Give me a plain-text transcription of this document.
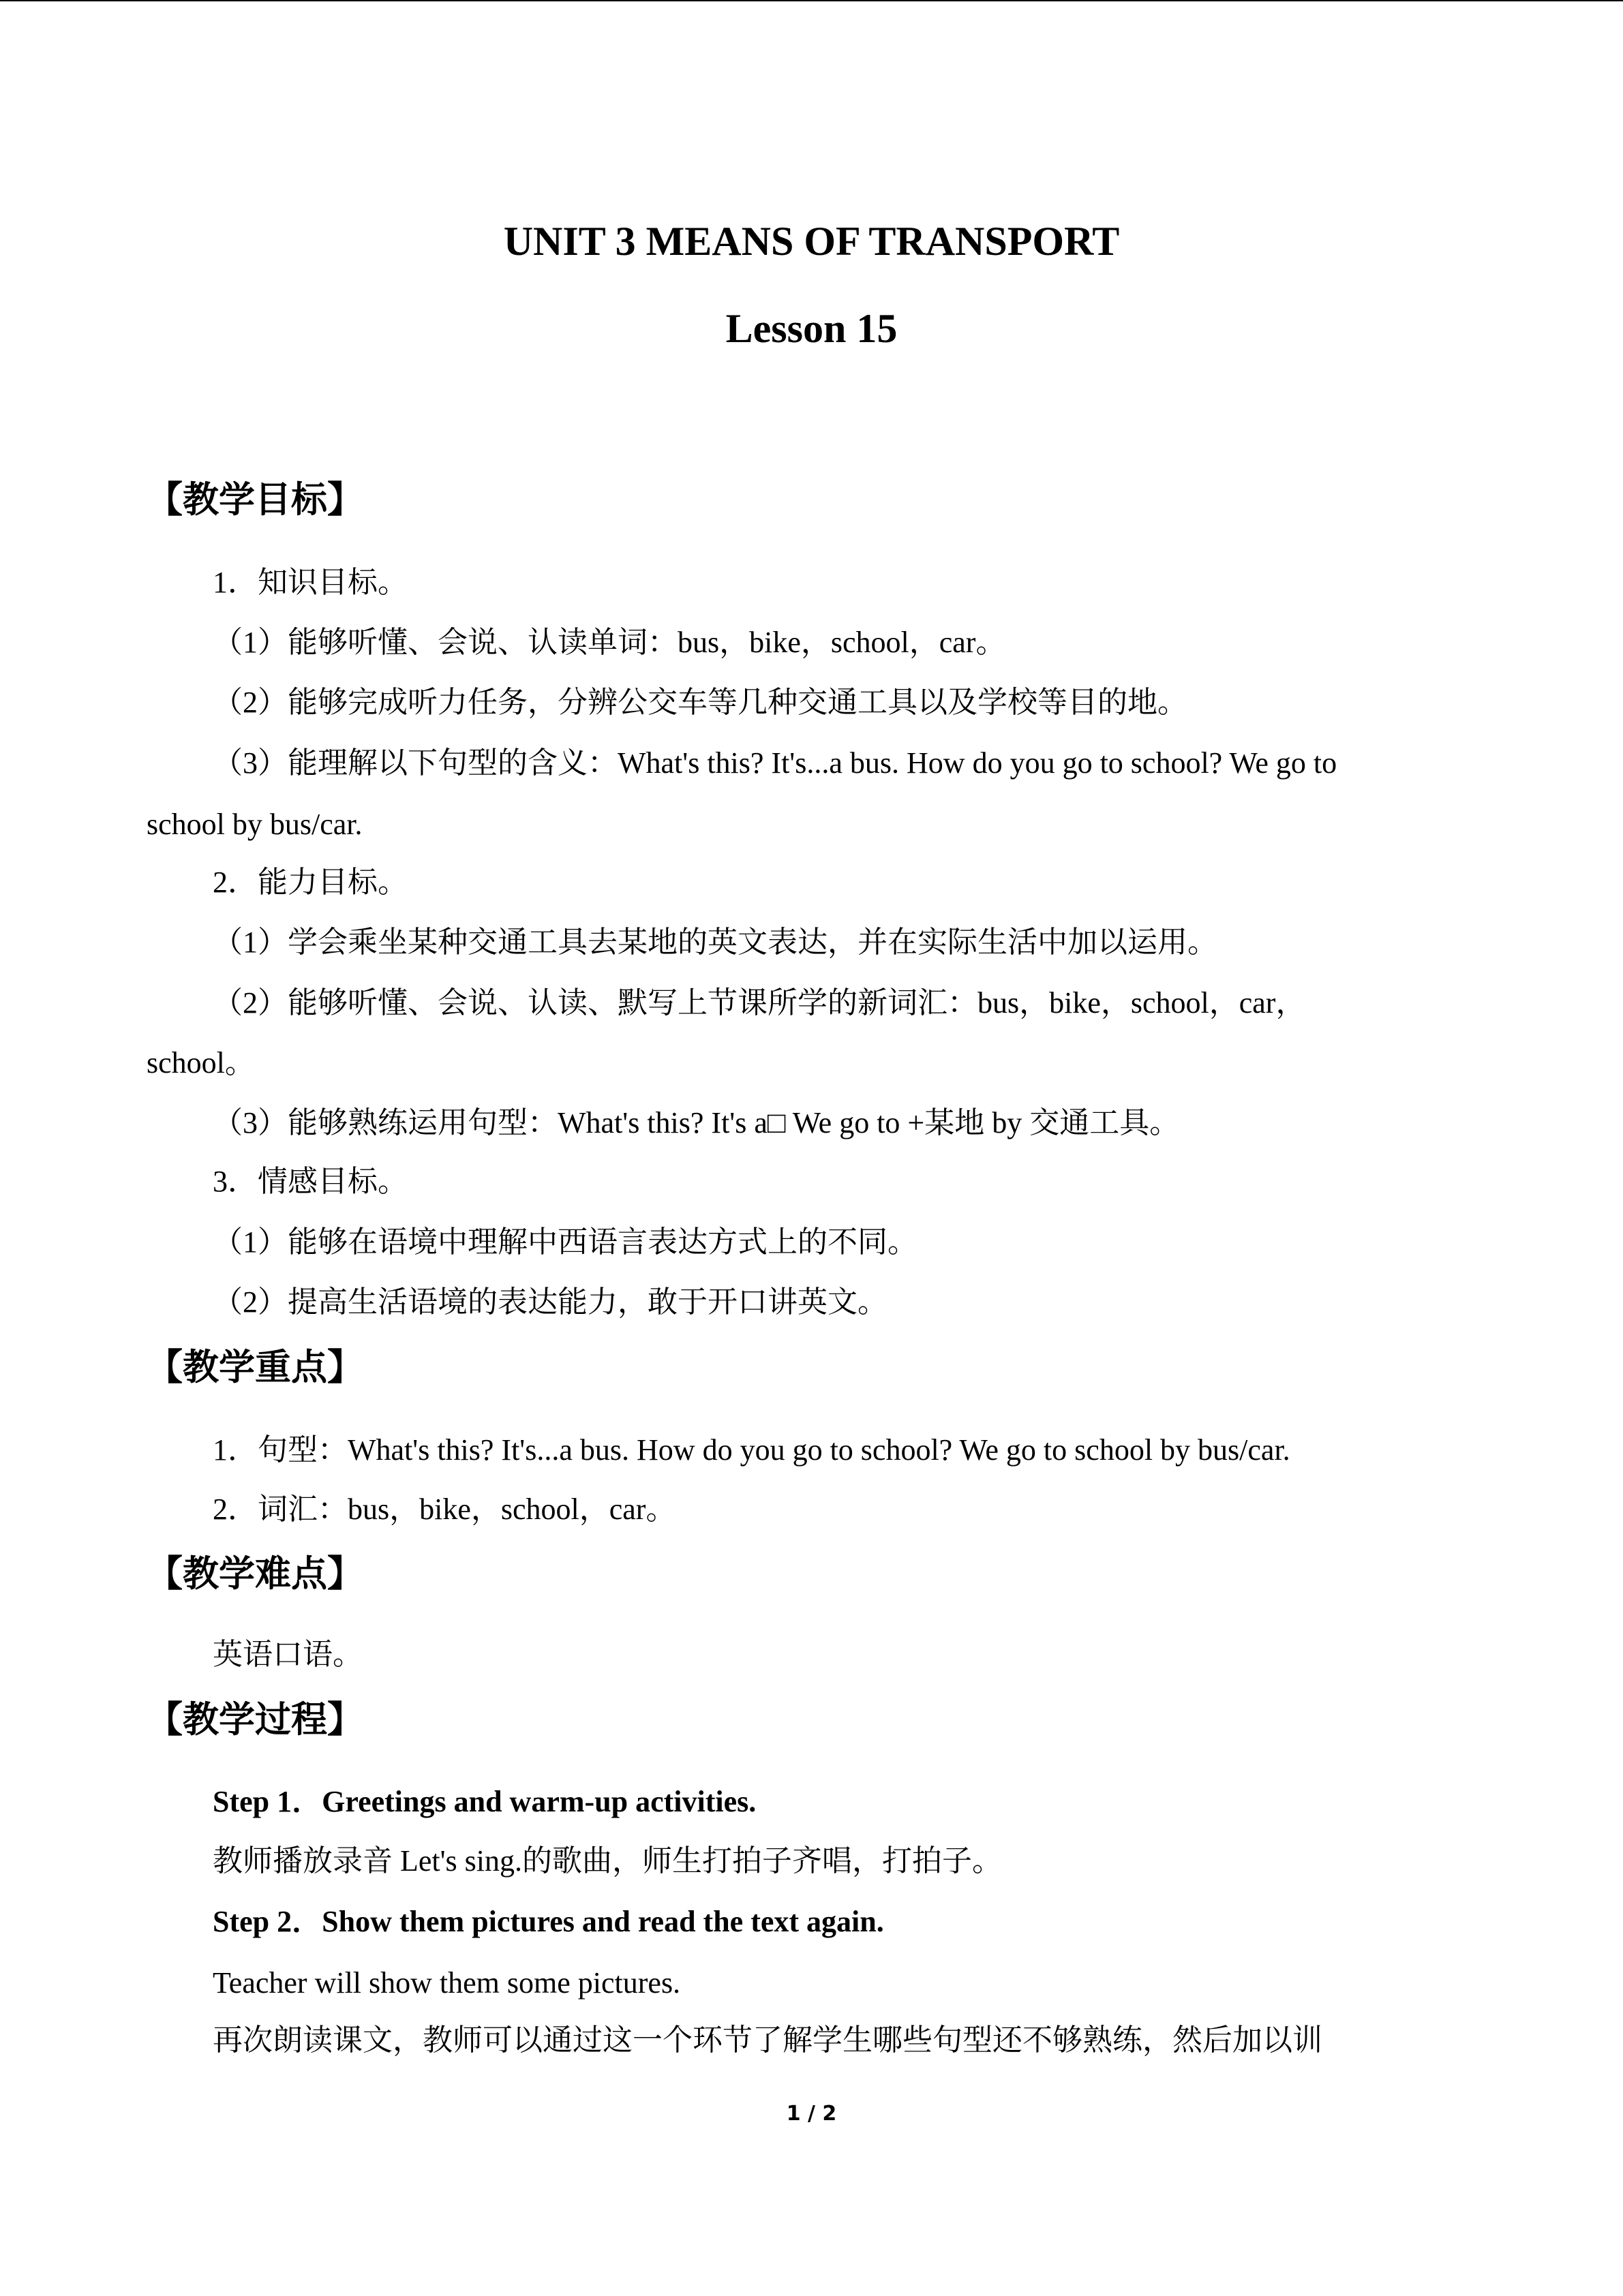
UNIT 3 MEANS OF TRANSPORT
Lesson 15
【教学目标】
1．知识目标。
（1）能够听懂、会说、认读单词：bus，bike，school，car。
（2）能够完成听力任务，分辨公交车等几种交通工具以及学校等目的地。
（3）能理解以下句型的含义：What's this? It's...a bus. How do you go to school? We go to
school by bus/car.
2．能力目标。
（1）学会乘坐某种交通工具去某地的英文表达，并在实际生活中加以运用。
（2）能够听懂、会说、认读、默写上节课所学的新词汇：bus，bike，school，car，
school。
（3）能够熟练运用句型：What's this? It's a□ We go to +某地 by 交通工具。
3．情感目标。
（1）能够在语境中理解中西语言表达方式上的不同。
（2）提高生活语境的表达能力，敢于开口讲英文。
【教学重点】
1．句型：What's this? It's...a bus. How do you go to school? We go to school by bus/car.
2．词汇：bus，bike，school，car。
【教学难点】
英语口语。
【教学过程】
Step 1．Greetings and warm-up activities.
教师播放录音 Let's sing.的歌曲，师生打拍子齐唱，打拍子。
Step 2．Show them pictures and read the text again.
Teacher will show them some pictures.
再次朗读课文，教师可以通过这一个环节了解学生哪些句型还不够熟练，然后加以训
1 / 2
